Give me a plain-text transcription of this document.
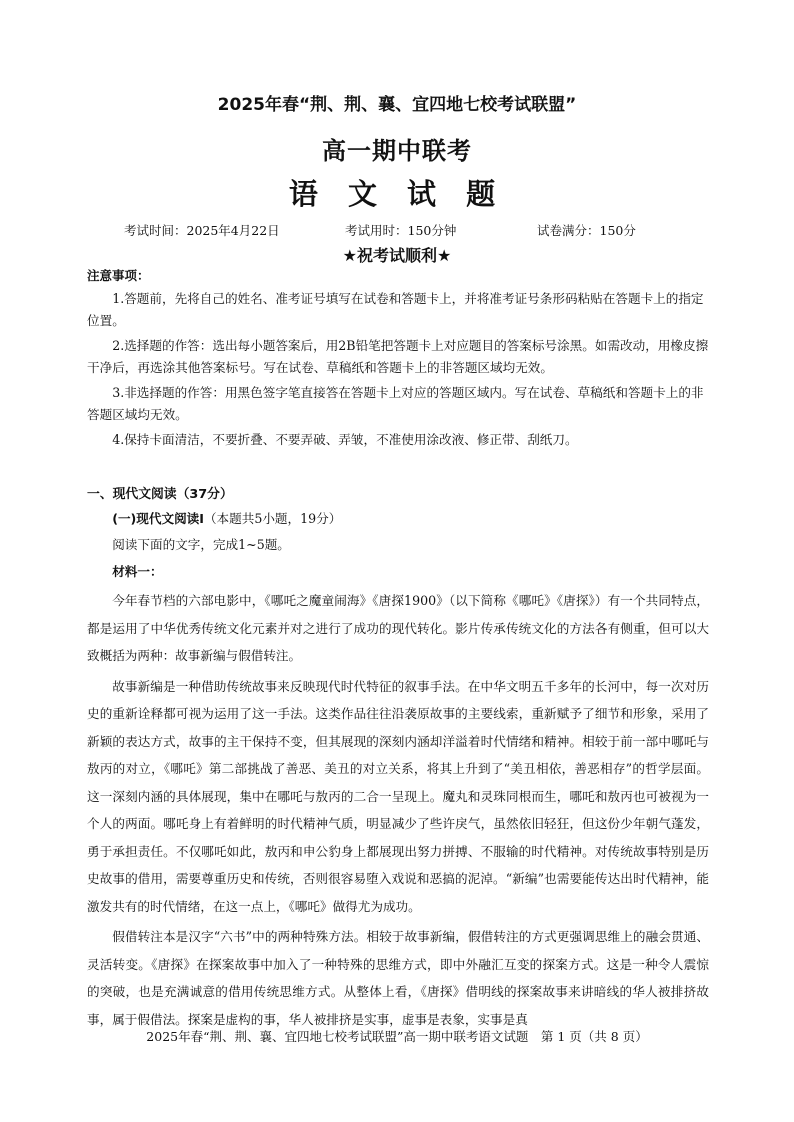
2025年春“荆、荆、襄、宜四地七校考试联盟”
高一期中联考
语 文 试 题
考试时间：2025年4月22日	考试用时：150分钟	试卷满分：150分
★祝考试顺利★
注意事项：

1.答题前，先将自己的姓名、准考证号填写在试卷和答题卡上，并将准考证号条形码粘贴在答题卡上的指定位置。

2.选择题的作答：选出每小题答案后，用2B铅笔把答题卡上对应题目的答案标号涂黑。如需改动，用橡皮擦干净后，再选涂其他答案标号。写在试卷、草稿纸和答题卡上的非答题区域均无效。

3.非选择题的作答：用黑色签字笔直接答在答题卡上对应的答题区域内。写在试卷、草稿纸和答题卡上的非答题区域均无效。

4.保持卡面清洁，不要折叠、不要弄破、弄皱，不准使用涂改液、修正带、刮纸刀。

一、现代文阅读（37分）
(一)现代文阅读I（本题共5小题，19分）
阅读下面的文字，完成1~5题。
材料一：

今年春节档的六部电影中，《哪吒之魔童闹海》《唐探1900》（以下简称《哪吒》《唐探》）有一个共同特点，都是运用了中华优秀传统文化元素并对之进行了成功的现代转化。影片传承传统文化的方法各有侧重，但可以大致概括为两种：故事新编与假借转注。

故事新编是一种借助传统故事来反映现代时代特征的叙事手法。在中华文明五千多年的长河中，每一次对历史的重新诠释都可视为运用了这一手法。这类作品往往沿袭原故事的主要线索，重新赋予了细节和形象，采用了新颖的表达方式，故事的主干保持不变，但其展现的深刻内涵却洋溢着时代情绪和精神。相较于前一部中哪吒与敖丙的对立，《哪吒》第二部挑战了善恶、美丑的对立关系，将其上升到了“美丑相依，善恶相存”的哲学层面。这一深刻内涵的具体展现，集中在哪吒与敖丙的二合一呈现上。魔丸和灵珠同根而生，哪吒和敖丙也可被视为一个人的两面。哪吒身上有着鲜明的时代精神气质，明显减少了些许戾气，虽然依旧轻狂，但这份少年朝气蓬发，勇于承担责任。不仅哪吒如此，敖丙和申公豹身上都展现出努力拼搏、不服输的时代精神。对传统故事特别是历史故事的借用，需要尊重历史和传统，否则很容易堕入戏说和恶搞的泥淖。“新编”也需要能传达出时代精神，能激发共有的时代情绪，在这一点上，《哪吒》做得尤为成功。

假借转注本是汉字“六书”中的两种特殊方法。相较于故事新编，假借转注的方式更强调思维上的融会贯通、灵活转变。《唐探》在探案故事中加入了一种特殊的思维方式，即中外融汇互变的探案方式。这是一种令人震惊的突破，也是充满诚意的借用传统思维方式。从整体上看，《唐探》借明线的探案故事来讲暗线的华人被排挤故事，属于假借法。探案是虚构的事，华人被排挤是实事，虚事是表象，实事是真

2025年春“荆、荆、襄、宜四地七校考试联盟”高一期中联考语文试题　第 1 页（共 8 页）
